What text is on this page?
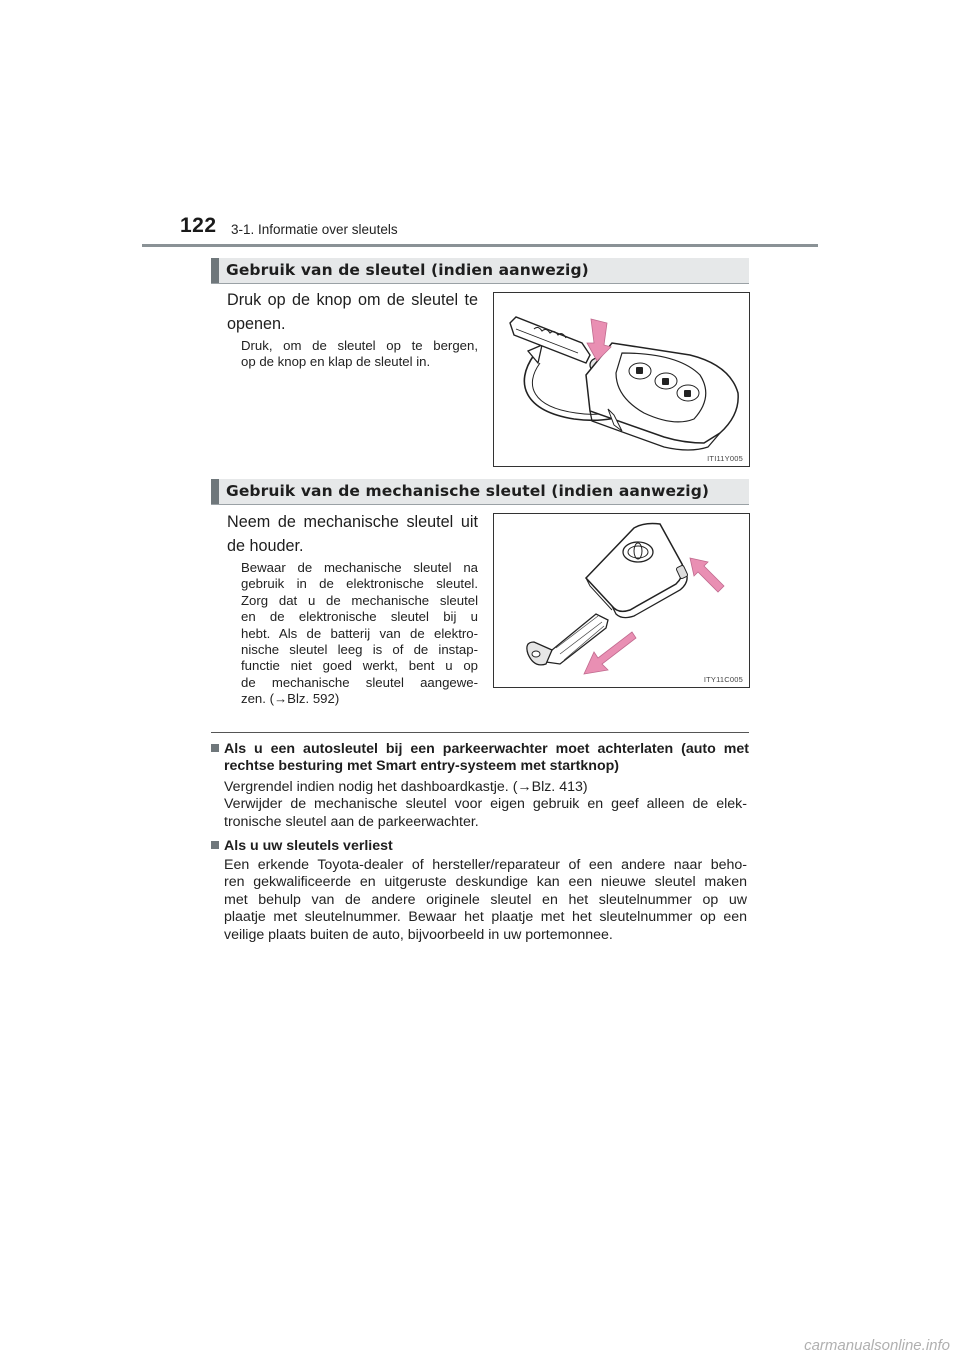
122 3-1. Informatie over sleutels
Gebruik van de sleutel (indien aanwezig)
Druk op de knop om de sleutel te
openen.
Druk, om de sleutel op te bergen,
op de knop en klap de sleutel in.
ITI11Y005
Gebruik van de mechanische sleutel (indien aanwezig)
Neem de mechanische sleutel uit
de houder.
Bewaar de mechanische sleutel na
gebruik in de elektronische sleutel.
Zorg dat u de mechanische sleutel
en de elektronische sleutel bij u
hebt. Als de batterij van de elektro-
nische sleutel leeg is of de instap-
functie niet goed werkt, bent u op
de mechanische sleutel aangewe-
zen. (→Blz. 592)
ITY11C005
Als u een autosleutel bij een parkeerwachter moet achterlaten (auto met
rechtse besturing met Smart entry-systeem met startknop)

Vergrendel indien nodig het dashboardkastje. (→Blz. 413)

Verwijder de mechanische sleutel voor eigen gebruik en geef alleen de elek-

tronische sleutel aan de parkeerwachter.

Als u uw sleutels verliest

Een erkende Toyota-dealer of hersteller/reparateur of een andere naar beho-

ren gekwalificeerde en uitgeruste deskundige kan een nieuwe sleutel maken

met behulp van de andere originele sleutel en het sleutelnummer op uw

plaatje met sleutelnummer. Bewaar het plaatje met het sleutelnummer op een

veilige plaats buiten de auto, bijvoorbeeld in uw portemonnee.

carmanualsonline.info
